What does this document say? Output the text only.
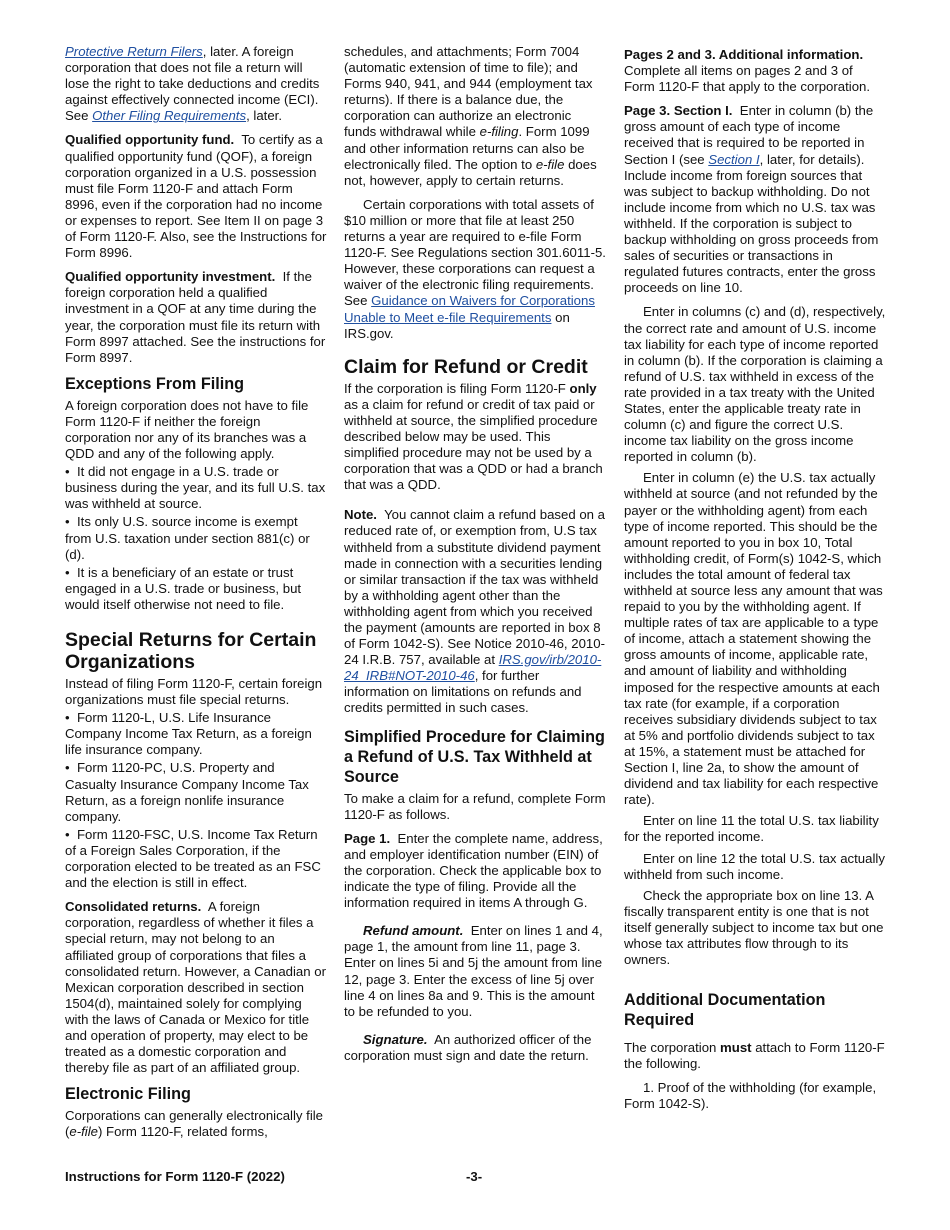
Protective Return Filers, later. A foreign corporation that does not file a return will lose the right to take deductions and credits against effectively connected income (ECI). See Other Filing Requirements, later.

Qualified opportunity fund. To certify as a qualified opportunity fund (QOF), a foreign corporation organized in a U.S. possession must file Form 1120-F and attach Form 8996, even if the corporation had no income or expenses to report. See Item II on page 3 of Form 1120-F. Also, see the Instructions for Form 8996.

Qualified opportunity investment. If the foreign corporation held a qualified investment in a QOF at any time during the year, the corporation must file its return with Form 8997 attached. See the instructions for Form 8997.

Exceptions From Filing

A foreign corporation does not have to file Form 1120-F if neither the foreign corporation nor any of its branches was a QDD and any of the following apply.

• It did not engage in a U.S. trade or business during the year, and its full U.S. tax was withheld at source.

• Its only U.S. source income is exempt from U.S. taxation under section 881(c) or (d).

• It is a beneficiary of an estate or trust engaged in a U.S. trade or business, but would itself otherwise not need to file.

Special Returns for Certain Organizations

Instead of filing Form 1120-F, certain foreign organizations must file special returns.

• Form 1120-L, U.S. Life Insurance Company Income Tax Return, as a foreign life insurance company.

• Form 1120-PC, U.S. Property and Casualty Insurance Company Income Tax Return, as a foreign nonlife insurance company.

• Form 1120-FSC, U.S. Income Tax Return of a Foreign Sales Corporation, if the corporation elected to be treated as an FSC and the election is still in effect.

Consolidated returns. A foreign corporation, regardless of whether it files a special return, may not belong to an affiliated group of corporations that files a consolidated return. However, a Canadian or Mexican corporation described in section 1504(d), maintained solely for complying with the laws of Canada or Mexico for title and operation of property, may elect to be treated as a domestic corporation and thereby file as part of an affiliated group.

Electronic Filing

Corporations can generally electronically file (e-file) Form 1120-F, related forms,

schedules, and attachments; Form 7004 (automatic extension of time to file); and Forms 940, 941, and 944 (employment tax returns). If there is a balance due, the corporation can authorize an electronic funds withdrawal while e-filing. Form 1099 and other information returns can also be electronically filed. The option to e-file does not, however, apply to certain returns.

Certain corporations with total assets of $10 million or more that file at least 250 returns a year are required to e-file Form 1120-F. See Regulations section 301.6011-5. However, these corporations can request a waiver of the electronic filing requirements. See Guidance on Waivers for Corporations Unable to Meet e-file Requirements on IRS.gov.

Claim for Refund or Credit

If the corporation is filing Form 1120-F only as a claim for refund or credit of tax paid or withheld at source, the simplified procedure described below may be used. This simplified procedure may not be used by a corporation that was a QDD or had a branch that was a QDD.

Note. You cannot claim a refund based on a reduced rate of, or exemption from, U.S tax withheld from a substitute dividend payment made in connection with a securities lending or similar transaction if the tax was withheld by a withholding agent other than the withholding agent from which you received the payment (amounts are reported in box 8 of Form 1042-S). See Notice 2010-46, 2010-24 I.R.B. 757, available at IRS.gov/irb/2010-24_IRB#NOT-2010-46, for further information on limitations on refunds and credits permitted in such cases.

Simplified Procedure for Claiming a Refund of U.S. Tax Withheld at Source

To make a claim for a refund, complete Form 1120-F as follows.

Page 1. Enter the complete name, address, and employer identification number (EIN) of the corporation. Check the applicable box to indicate the type of filing. Provide all the information required in items A through G.

Refund amount. Enter on lines 1 and 4, page 1, the amount from line 11, page 3. Enter on lines 5i and 5j the amount from line 12, page 3. Enter the excess of line 5j over line 4 on lines 8a and 9. This is the amount to be refunded to you.

Signature. An authorized officer of the corporation must sign and date the return.

Pages 2 and 3. Additional information. Complete all items on pages 2 and 3 of Form 1120-F that apply to the corporation.

Page 3. Section I. Enter in column (b) the gross amount of each type of income received that is required to be reported in Section I (see Section I, later, for details). Include income from foreign sources that was subject to backup withholding. Do not include income from which no U.S. tax was withheld. If the corporation is subject to backup withholding on gross proceeds from sales of securities or transactions in regulated futures contracts, enter the gross proceeds on line 10.

Enter in columns (c) and (d), respectively, the correct rate and amount of U.S. income tax liability for each type of income reported in column (b). If the corporation is claiming a refund of U.S. tax withheld in excess of the rate provided in a tax treaty with the United States, enter the applicable treaty rate in column (c) and figure the correct U.S. income tax liability on the gross income reported in column (b).

Enter in column (e) the U.S. tax actually withheld at source (and not refunded by the payer or the withholding agent) from each type of income reported. This should be the amount reported to you in box 10, Total withholding credit, of Form(s) 1042-S, which includes the total amount of federal tax withheld at source less any amount that was repaid to you by the withholding agent. If multiple rates of tax are applicable to a type of income, attach a statement showing the gross amounts of income, applicable rate, and amount of liability and withholding imposed for the respective amounts at each tax rate (for example, if a corporation receives subsidiary dividends subject to tax at 5% and portfolio dividends subject to tax at 15%, a statement must be attached for Section I, line 2a, to show the amount of dividend and tax liability for each respective rate).

Enter on line 11 the total U.S. tax liability for the reported income.

Enter on line 12 the total U.S. tax actually withheld from such income.

Check the appropriate box on line 13. A fiscally transparent entity is one that is not itself generally subject to income tax but one whose tax attributes flow through to its owners.

Additional Documentation Required

The corporation must attach to Form 1120-F the following.

1. Proof of the withholding (for example, Form 1042-S).

Instructions for Form 1120-F (2022)	-3-
